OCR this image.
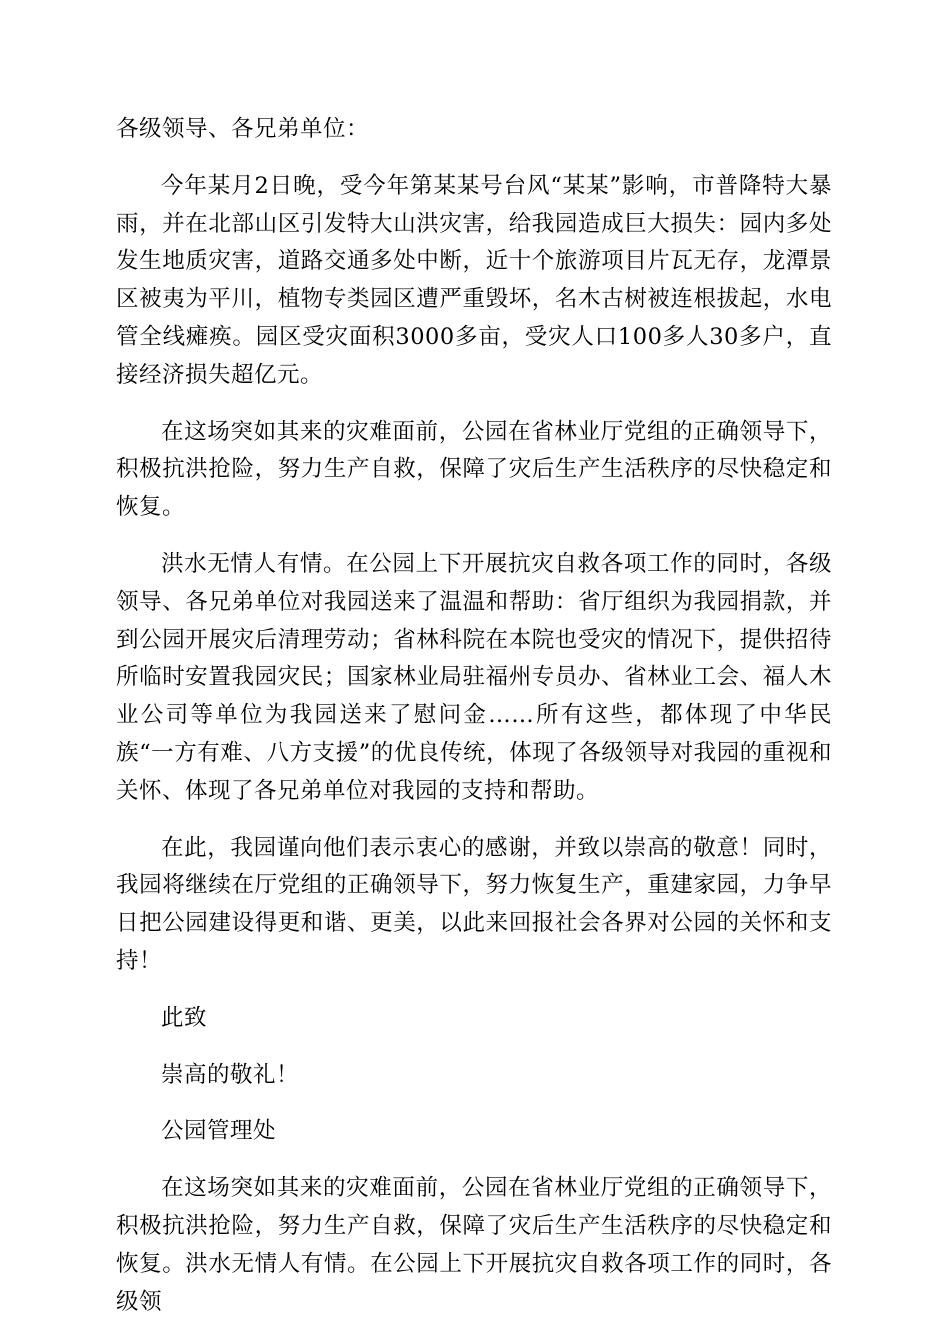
各级领导、各兄弟单位：

今年某月2日晚，受今年第某某号台风“某某”影响，市普降特大暴雨，并在北部山区引发特大山洪灾害，给我园造成巨大损失：园内多处发生地质灾害，道路交通多处中断，近十个旅游项目片瓦无存，龙潭景区被夷为平川，植物专类园区遭严重毁坏，名木古树被连根拔起，水电管全线瘫痪。园区受灾面积3000多亩，受灾人口100多人30多户，直接经济损失超亿元。

在这场突如其来的灾难面前，公园在省林业厅党组的正确领导下，积极抗洪抢险，努力生产自救，保障了灾后生产生活秩序的尽快稳定和恢复。

洪水无情人有情。在公园上下开展抗灾自救各项工作的同时，各级领导、各兄弟单位对我园送来了温温和帮助：省厅组织为我园捐款，并到公园开展灾后清理劳动；省林科院在本院也受灾的情况下，提供招待所临时安置我园灾民；国家林业局驻福州专员办、省林业工会、福人木业公司等单位为我园送来了慰问金……所有这些，都体现了中华民族“一方有难、八方支援”的优良传统，体现了各级领导对我园的重视和关怀、体现了各兄弟单位对我园的支持和帮助。

在此，我园谨向他们表示衷心的感谢，并致以崇高的敬意！同时，我园将继续在厅党组的正确领导下，努力恢复生产，重建家园，力争早日把公园建设得更和谐、更美，以此来回报社会各界对公园的关怀和支持！

此致

崇高的敬礼！

公园管理处

在这场突如其来的灾难面前，公园在省林业厅党组的正确领导下，积极抗洪抢险，努力生产自救，保障了灾后生产生活秩序的尽快稳定和恢复。洪水无情人有情。在公园上下开展抗灾自救各项工作的同时，各级领
